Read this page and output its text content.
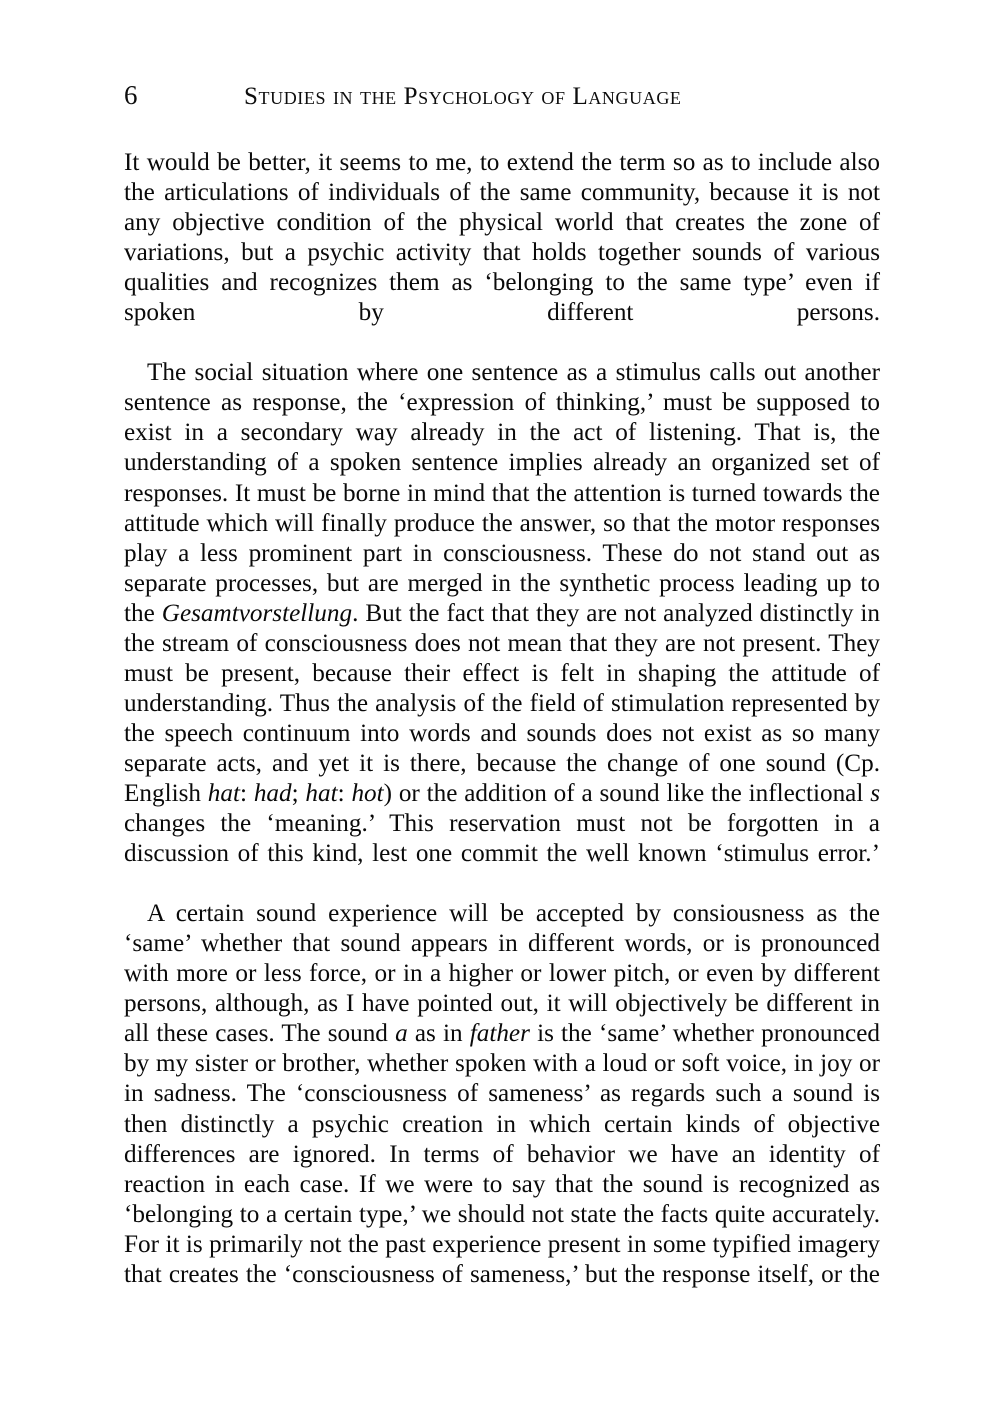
6	Studies in the Psychology of Language

It would be better, it seems to me, to extend the term so as to include also the articulations of individuals of the same community, because it is not any objective condition of the physical world that creates the zone of variations, but a psychic activity that holds together sounds of various qualities and recognizes them as ‘belonging to the same type’ even if spoken by different persons.

The social situation where one sentence as a stimulus calls out another sentence as response, the ‘expression of thinking,’ must be supposed to exist in a secondary way already in the act of listening. That is, the understanding of a spoken sentence implies already an organized set of responses. It must be borne in mind that the attention is turned towards the attitude which will finally produce the answer, so that the motor responses play a less prominent part in consciousness. These do not stand out as separate processes, but are merged in the synthetic process leading up to the Gesamtvorstellung. But the fact that they are not analyzed distinctly in the stream of consciousness does not mean that they are not present. They must be present, because their effect is felt in shaping the attitude of understanding. Thus the analysis of the field of stimulation represented by the speech continuum into words and sounds does not exist as so many separate acts, and yet it is there, because the change of one sound (Cp. English hat: had; hat: hot) or the addition of a sound like the inflectional s changes the ‘meaning.’ This reservation must not be forgotten in a discussion of this kind, lest one commit the well known ‘stimulus error.’

A certain sound experience will be accepted by consiousness as the ‘same’ whether that sound appears in different words, or is pronounced with more or less force, or in a higher or lower pitch, or even by different persons, although, as I have pointed out, it will objectively be different in all these cases. The sound a as in father is the ‘same’ whether pronounced by my sister or brother, whether spoken with a loud or soft voice, in joy or in sadness. The ‘consciousness of sameness’ as regards such a sound is then distinctly a psychic creation in which certain kinds of objective differences are ignored. In terms of behavior we have an identity of reaction in each case. If we were to say that the sound is recognized as ‘belonging to a certain type,’ we should not state the facts quite accurately. For it is primarily not the past experience present in some typified imagery that creates the ‘consciousness of sameness,’ but the response itself, or the
